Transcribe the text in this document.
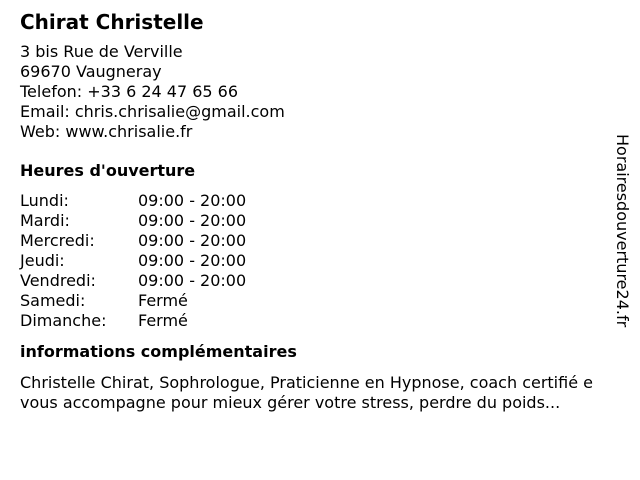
Chirat Christelle
3 bis Rue de Verville
69670 Vaugneray
Telefon: +33 6 24 47 65 66
Email: chris.chrisalie@gmail.com
Web: www.chrisalie.fr
Heures d'ouverture
Lundi:	09:00 - 20:00
Mardi:	09:00 - 20:00
Mercredi:	09:00 - 20:00
Jeudi:	09:00 - 20:00
Vendredi:	09:00 - 20:00
Samedi:	Fermé
Dimanche:	Fermé
informations complémentaires
Christelle Chirat, Sophrologue, Praticienne en Hypnose, coach certifié e vous accompagne pour mieux gérer votre stress, perdre du poids...
Horairesdouverture24.fr
